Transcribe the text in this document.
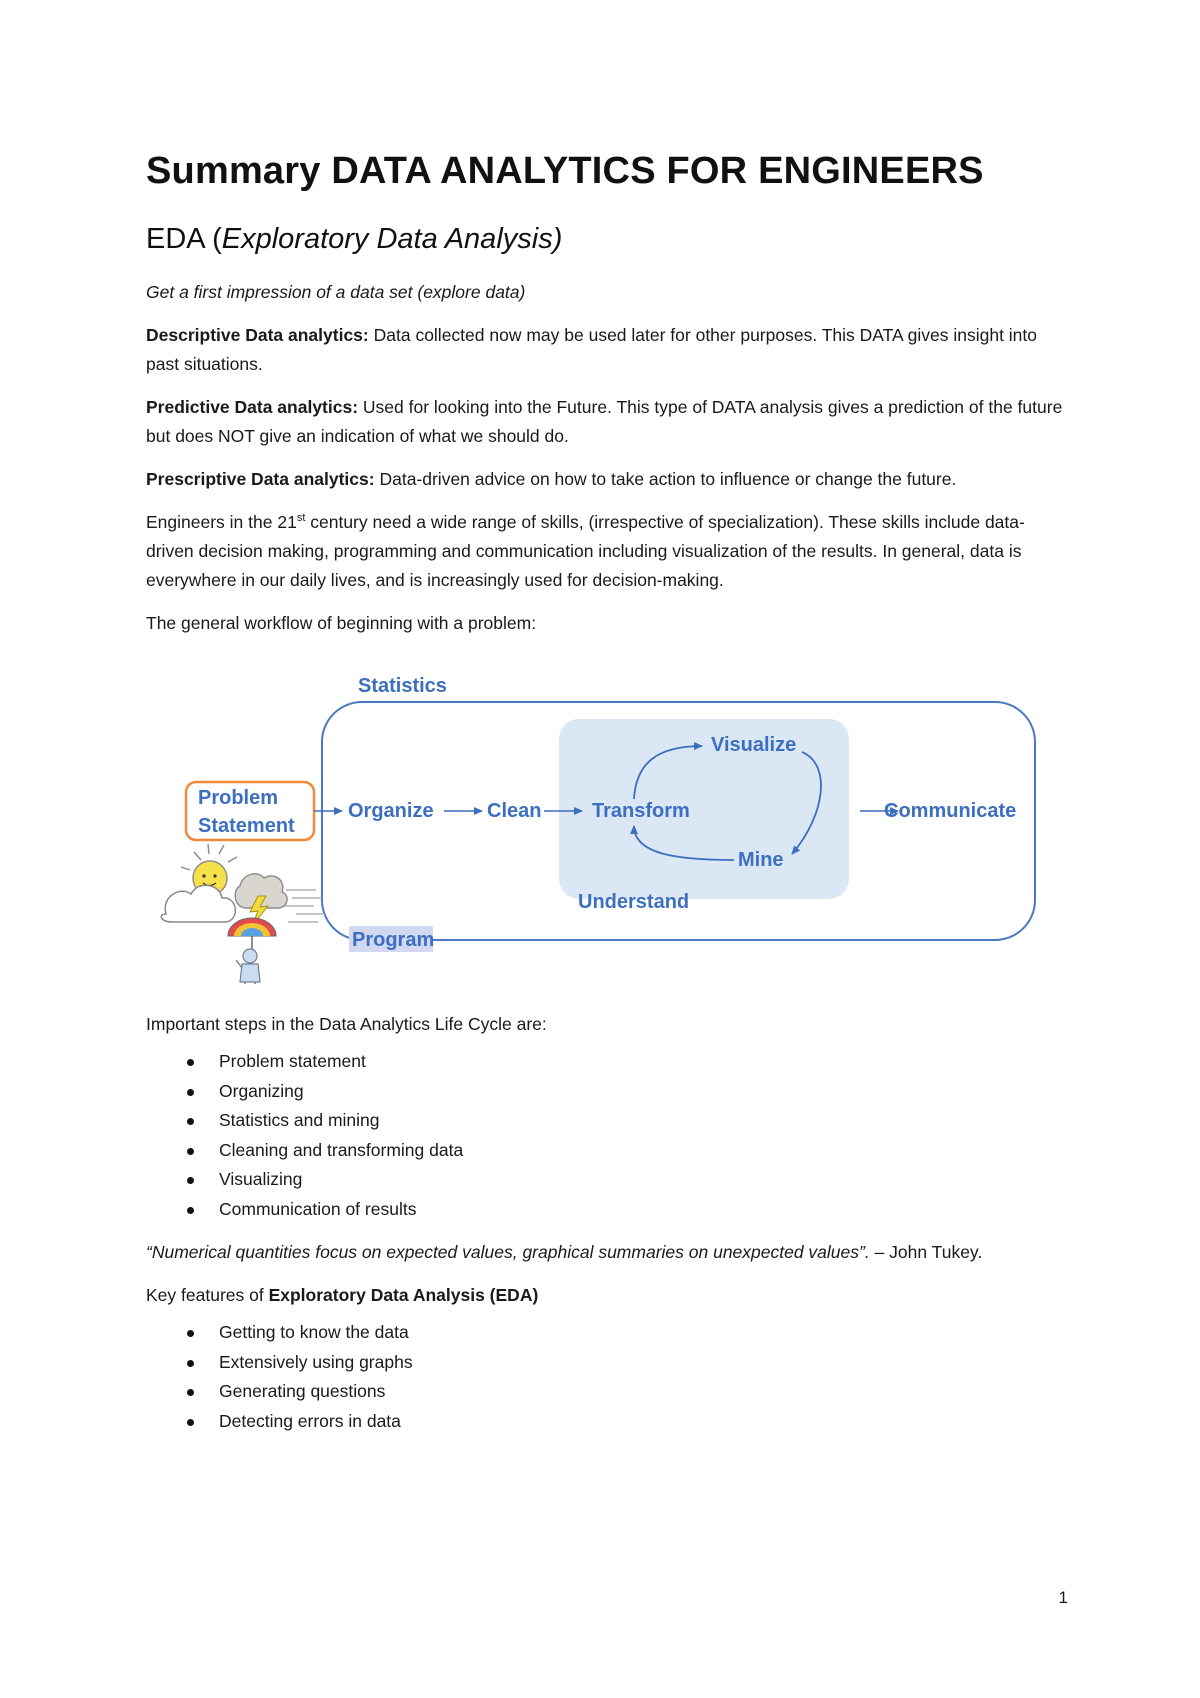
Summary DATA ANALYTICS FOR ENGINEERS
EDA (Exploratory Data Analysis)

Get a first impression of a data set (explore data)

Descriptive Data analytics: Data collected now may be used later for other purposes. This DATA gives insight into past situations.

Predictive Data analytics: Used for looking into the Future. This type of DATA analysis gives a prediction of the future but does NOT give an indication of what we should do.

Prescriptive Data analytics: Data-driven advice on how to take action to influence or change the future.

Engineers in the 21st century need a wide range of skills, (irrespective of specialization). These skills include data-driven decision making, programming and communication including visualization of the results. In general, data is everywhere in our daily lives, and is increasingly used for decision-making.

The general workflow of beginning with a problem:

Statistics
Problem
Statement
Organize	Clean	Transform
Visualize
Mine
Communicate
Understand
Program

Important steps in the Data Analytics Life Cycle are:

Problem statement
Organizing
Statistics and mining
Cleaning and transforming data
Visualizing
Communication of results

“Numerical quantities focus on expected values, graphical summaries on unexpected values”. – John Tukey.

Key features of Exploratory Data Analysis (EDA)

Getting to know the data
Extensively using graphs
Generating questions
Detecting errors in data
1
